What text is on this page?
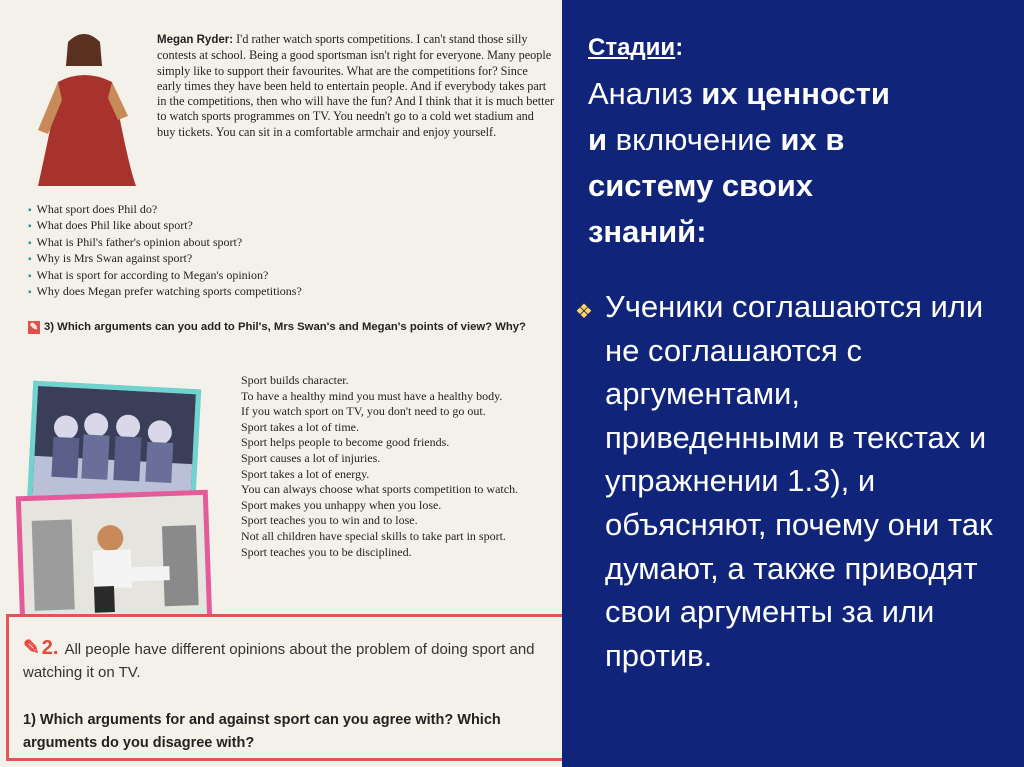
Megan Ryder: I'd rather watch sports competitions. I can't stand those silly contests at school. Being a good sportsman isn't right for everyone. Many people simply like to support their favourites. What are the competitions for? Since early times they have been held to entertain people. And if everybody takes part in the competitions, then who will have the fun? And I think that it is much better to watch sports programmes on TV. You needn't go to a cold wet stadium and buy tickets. You can sit in a comfortable armchair and enjoy yourself.
▪ What sport does Phil do?
▪ What does Phil like about sport?
▪ What is Phil's father's opinion about sport?
▪ Why is Mrs Swan against sport?
▪ What is sport for according to Megan's opinion?
▪ Why does Megan prefer watching sports competitions?
✎ 3) Which arguments can you add to Phil's, Mrs Swan's and Megan's points of view? Why?
Sport builds character.
To have a healthy mind you must have a healthy body.
If you watch sport on TV, you don't need to go out.
Sport takes a lot of time.
Sport helps people to become good friends.
Sport causes a lot of injuries.
Sport takes a lot of energy.
You can always choose what sports competition to watch.
Sport makes you unhappy when you lose.
Sport teaches you to win and to lose.
Not all children have special skills to take part in sport.
Sport teaches you to be disciplined.
✎ 2. All people have different opinions about the problem of doing sport and watching it on TV.
1) Which arguments for and against sport can you agree with? Which arguments do you disagree with?
Стадии:
Анализ их ценности
и включение их в
систему своих
знаний:
❖ Ученики соглашаются или не соглашаются с аргументами, приведенными в текстах и упражнении 1.3), и объясняют, почему они так думают, а также приводят свои аргументы за или против.
